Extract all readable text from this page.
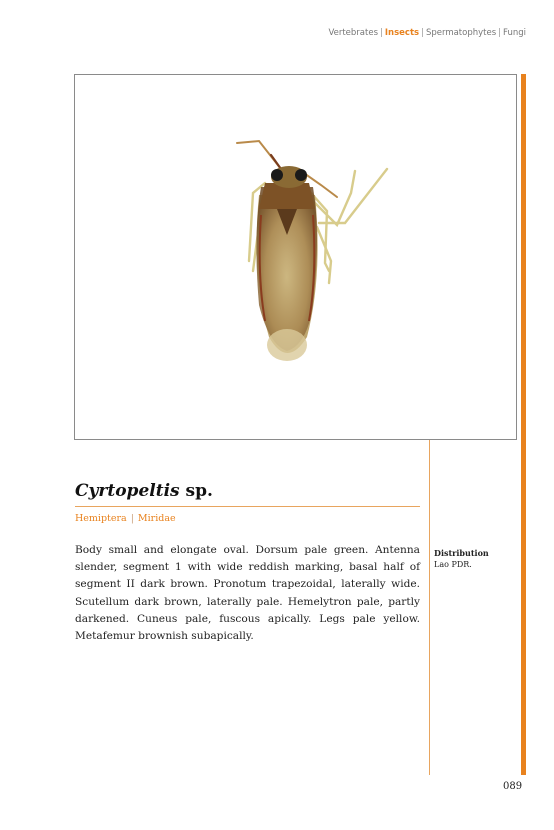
Vertebrates | Insects | Spermatophytes | Fungi
Cyrtopeltis sp.
Hemiptera | Miridae

Body small and elongate oval. Dorsum pale green. Antenna slender, segment 1 with wide reddish marking, basal half of segment II dark brown. Pronotum trapezoidal, laterally wide. Scutellum dark brown, laterally pale. Hemelytron pale, partly darkened. Cuneus pale, fuscous apically. Legs pale yellow. Metafemur brownish subapically.

Distribution
Lao PDR.
089
